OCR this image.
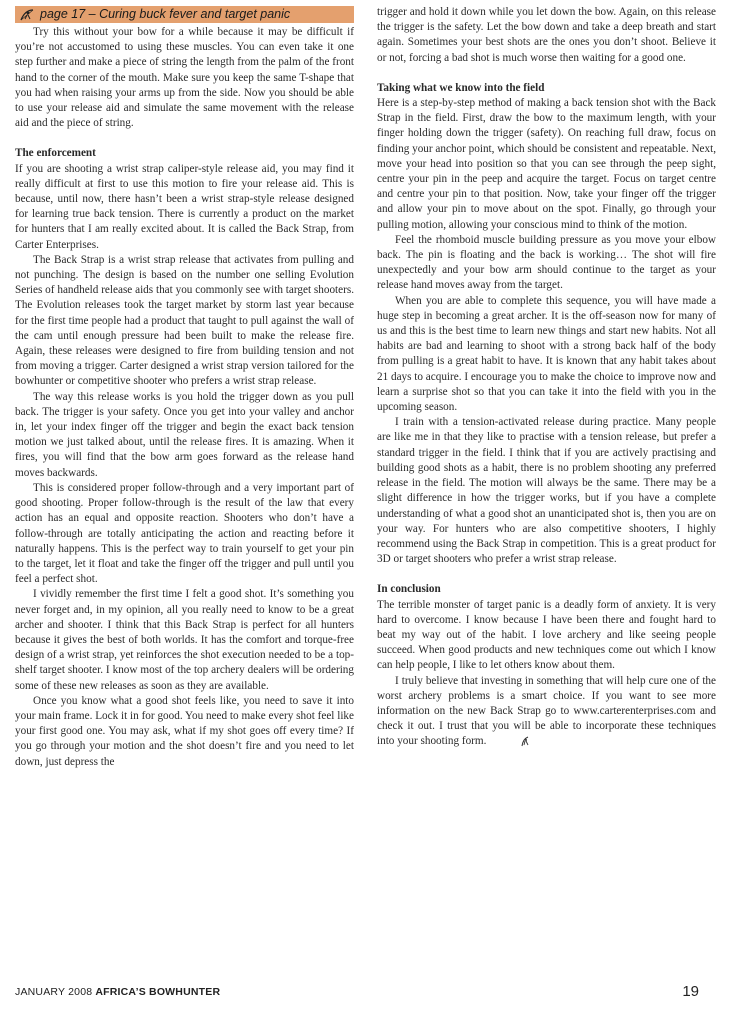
page 17 – Curing buck fever and target panic

Try this without your bow for a while because it may be difficult if you’re not accustomed to using these muscles. You can even take it one step further and make a piece of string the length from the palm of the front hand to the corner of the mouth. Make sure you keep the same T-shape that you had when raising your arms up from the side. Now you should be able to use your release aid and simulate the same movement with the release aid and the piece of string.

The enforcement

If you are shooting a wrist strap caliper-style release aid, you may find it really difficult at first to use this motion to fire your release aid. This is because, until now, there hasn’t been a wrist strap-style release designed for learning true back tension. There is currently a product on the market for hunters that I am really excited about. It is called the Back Strap, from Carter Enterprises.

The Back Strap is a wrist strap release that activates from pulling and not punching. The design is based on the number one selling Evolution Series of handheld release aids that you commonly see with target shooters. The Evolution releases took the target market by storm last year because for the first time people had a product that taught to pull against the wall of the cam until enough pressure had been built to make the release fire. Again, these releases were designed to fire from building tension and not from moving a trigger. Carter designed a wrist strap version tailored for the bowhunter or competitive shooter who prefers a wrist strap release.

The way this release works is you hold the trigger down as you pull back. The trigger is your safety. Once you get into your valley and anchor in, let your index finger off the trigger and begin the exact back tension motion we just talked about, until the release fires. It is amazing. When it fires, you will find that the bow arm goes forward as the release hand moves backwards.

This is considered proper follow-through and a very important part of good shooting. Proper follow-through is the result of the law that every action has an equal and opposite reaction. Shooters who don’t have a follow-through are totally anticipating the action and reacting before it naturally happens. This is the perfect way to train yourself to get your pin to the target, let it float and take the finger off the trigger and pull until you feel a perfect shot.

I vividly remember the first time I felt a good shot. It’s something you never forget and, in my opinion, all you really need to know to be a great archer and shooter. I think that this Back Strap is perfect for all hunters because it gives the best of both worlds. It has the comfort and torque-free design of a wrist strap, yet reinforces the shot execution needed to be a top-shelf target shooter. I know most of the top archery dealers will be ordering some of these new releases as soon as they are available.

Once you know what a good shot feels like, you need to save it into your main frame. Lock it in for good. You need to make every shot feel like your first good one. You may ask, what if my shot goes off every time? If you go through your motion and the shot doesn’t fire and you need to let down, just depress the

trigger and hold it down while you let down the bow. Again, on this release the trigger is the safety. Let the bow down and take a deep breath and start again. Sometimes your best shots are the ones you don’t shoot. Believe it or not, forcing a bad shot is much worse then waiting for a good one.

Taking what we know into the field

Here is a step-by-step method of making a back tension shot with the Back Strap in the field. First, draw the bow to the maximum length, with your finger holding down the trigger (safety). On reaching full draw, focus on finding your anchor point, which should be consistent and repeatable. Next, move your head into position so that you can see through the peep sight, centre your pin in the peep and acquire the target. Focus on target centre and centre your pin to that position. Now, take your finger off the trigger and allow your pin to move about on the spot. Finally, go through your pulling motion, allowing your conscious mind to think of the motion.

Feel the rhomboid muscle building pressure as you move your elbow back. The pin is floating and the back is working… The shot will fire unexpectedly and your bow arm should continue to the target as your release hand moves away from the target.

When you are able to complete this sequence, you will have made a huge step in becoming a great archer. It is the off-season now for many of us and this is the best time to learn new things and start new habits. Not all habits are bad and learning to shoot with a strong back half of the body from pulling is a great habit to have. It is known that any habit takes about 21 days to acquire. I encourage you to make the choice to improve now and learn a surprise shot so that you can take it into the field with you in the upcoming season.

I train with a tension-activated release during practice. Many people are like me in that they like to practise with a tension release, but prefer a standard trigger in the field. I think that if you are actively practising and building good shots as a habit, there is no problem shooting any preferred release in the field. The motion will always be the same. There may be a slight difference in how the trigger works, but if you have a complete understanding of what a good shot an unanticipated shot is, then you are on your way. For hunters who are also competitive shooters, I highly recommend using the Back Strap in competition. This is a great product for 3D or target shooters who prefer a wrist strap release.

In conclusion

The terrible monster of target panic is a deadly form of anxiety. It is very hard to overcome. I know because I have been there and fought hard to beat my way out of the habit. I love archery and like seeing people succeed. When good products and new techniques come out which I know can help people, I like to let others know about them.

I truly believe that investing in something that will help cure one of the worst archery problems is a smart choice. If you want to see more information on the new Back Strap go to www.carterenterprises.com and check it out. I trust that you will be able to incorporate these techniques into your shooting form.

JANUARY 2008 AFRICA’S BOWHUNTER	19
